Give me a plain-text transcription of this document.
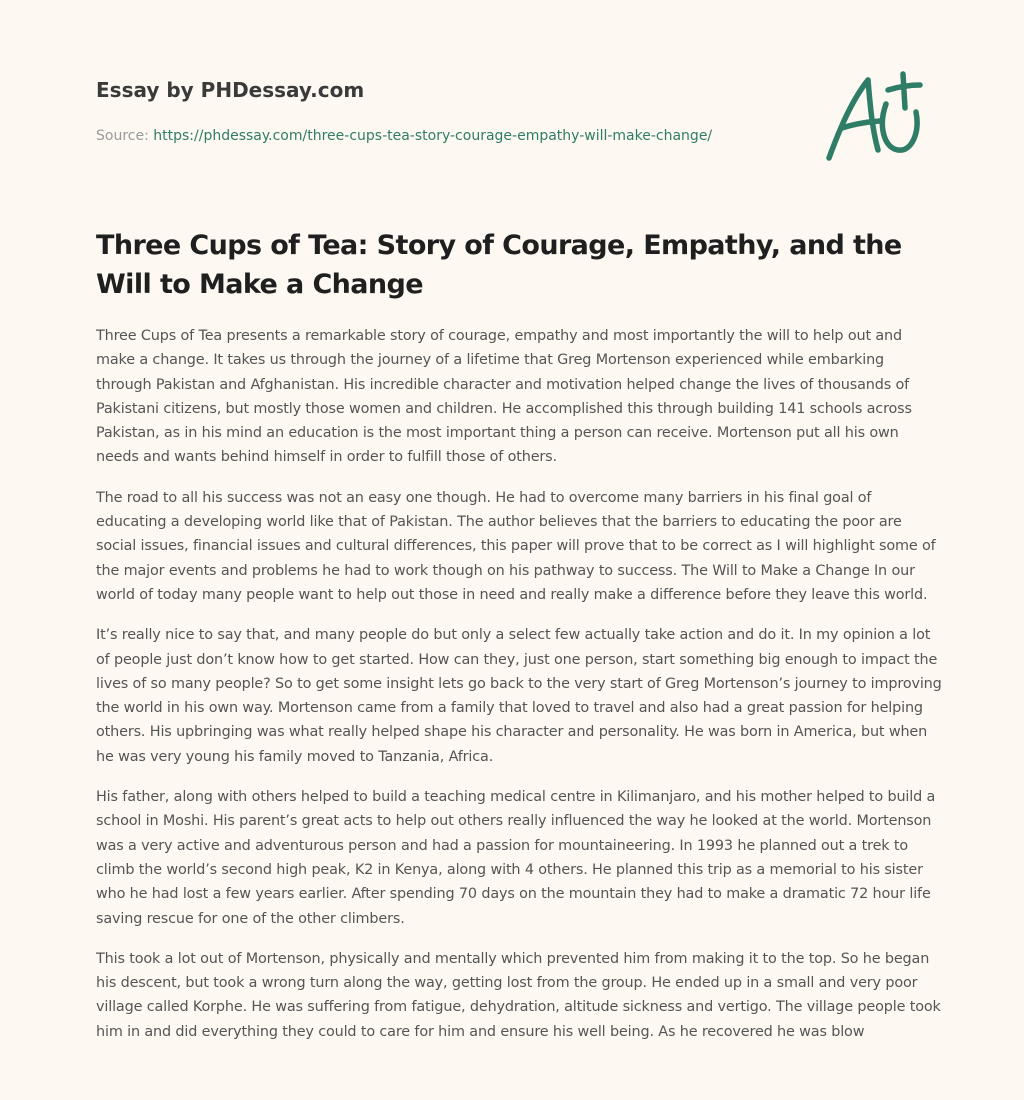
Essay by PHDessay.com
Source: https://phdessay.com/three-cups-tea-story-courage-empathy-will-make-change/
Three Cups of Tea: Story of Courage, Empathy, and the Will to Make a Change

Three Cups of Tea presents a remarkable story of courage, empathy and most importantly the will to help out and make a change. It takes us through the journey of a lifetime that Greg Mortenson experienced while embarking through Pakistan and Afghanistan. His incredible character and motivation helped change the lives of thousands of Pakistani citizens, but mostly those women and children. He accomplished this through building 141 schools across Pakistan, as in his mind an education is the most important thing a person can receive. Mortenson put all his own needs and wants behind himself in order to fulfill those of others.

The road to all his success was not an easy one though. He had to overcome many barriers in his final goal of educating a developing world like that of Pakistan. The author believes that the barriers to educating the poor are social issues, financial issues and cultural differences, this paper will prove that to be correct as I will highlight some of the major events and problems he had to work though on his pathway to success. The Will to Make a Change In our world of today many people want to help out those in need and really make a difference before they leave this world.

It’s really nice to say that, and many people do but only a select few actually take action and do it. In my opinion a lot of people just don’t know how to get started. How can they, just one person, start something big enough to impact the lives of so many people? So to get some insight lets go back to the very start of Greg Mortenson’s journey to improving the world in his own way. Mortenson came from a family that loved to travel and also had a great passion for helping others. His upbringing was what really helped shape his character and personality. He was born in America, but when he was very young his family moved to Tanzania, Africa.

His father, along with others helped to build a teaching medical centre in Kilimanjaro, and his mother helped to build a school in Moshi. His parent’s great acts to help out others really influenced the way he looked at the world. Mortenson was a very active and adventurous person and had a passion for mountaineering. In 1993 he planned out a trek to climb the world’s second high peak, K2 in Kenya, along with 4 others. He planned this trip as a memorial to his sister who he had lost a few years earlier. After spending 70 days on the mountain they had to make a dramatic 72 hour life saving rescue for one of the other climbers.

This took a lot out of Mortenson, physically and mentally which prevented him from making it to the top. So he began his descent, but took a wrong turn along the way, getting lost from the group. He ended up in a small and very poor village called Korphe. He was suffering from fatigue, dehydration, altitude sickness and vertigo. The village people took him in and did everything they could to care for him and ensure his well being. As he recovered he was blow
